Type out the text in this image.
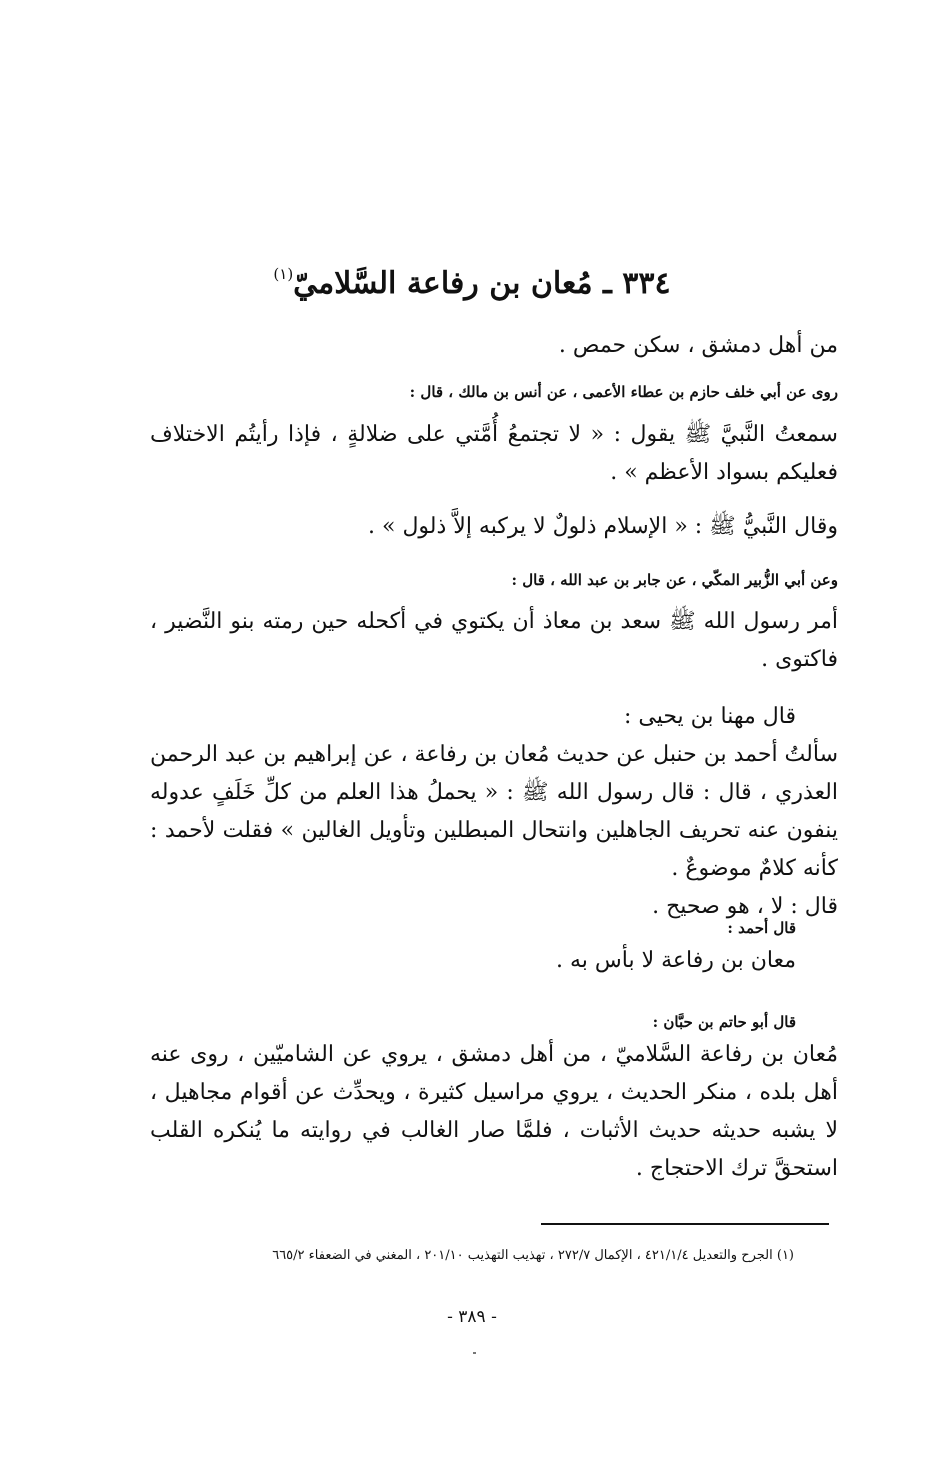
٣٣٤ ـ مُعان بن رفاعة السَّلاميّ$^{(١)}$

من أهل دمشق ، سكن حمص .

روى عن أبي خلف حازم بن عطاء الأعمى ، عن أنس بن مالك ، قال :

سمعتُ النَّبيَّ ﷺ يقول : « لا تجتمعُ أُمَّتي على ضلالةٍ ، فإذا رأيتُم الاختلاف فعليكم بسواد الأعظم » .

وقال النَّبيُّ ﷺ : « الإسلام ذلولٌ لا يركبه إلاَّ ذلول » .

وعن أبي الزُّبير المكّي ، عن جابر بن عبد الله ، قال :

أمر رسول الله ﷺ سعد بن معاذ أن يكتوي في أكحله حين رمته بنو النَّضير ، فاكتوى .

قال مهنا بن يحيى :

سألتُ أحمد بن حنبل عن حديث مُعان بن رفاعة ، عن إبراهيم بن عبد الرحمن العذري ، قال : قال رسول الله ﷺ : « يحملُ هذا العلم من كلِّ خَلَفٍ عدوله ينفون عنه تحريف الجاهلين وانتحال المبطلين وتأويل الغالين » فقلت لأحمد : كأنه كلامٌ موضوعٌ .

قال : لا ، هو صحيح .

قال أحمد :

معان بن رفاعة لا بأس به .

قال أبو حاتم بن حبَّان :

مُعان بن رفاعة السَّلاميّ ، من أهل دمشق ، يروي عن الشاميّين ، روى عنه أهل بلده ، منكر الحديث ، يروي مراسيل كثيرة ، ويحدِّث عن أقوام مجاهيل ، لا يشبه حديثه حديث الأثبات ، فلمَّا صار الغالب في روايته ما يُنكره القلب استحقَّ ترك الاحتجاج .

(١) الجرح والتعديل ٤٢١/١/٤ ، الإكمال ٢٧٢/٧ ، تهذيب التهذيب ٢٠١/١٠ ، المغني في الضعفاء ٦٦٥/٢
- ٣٨٩ -
